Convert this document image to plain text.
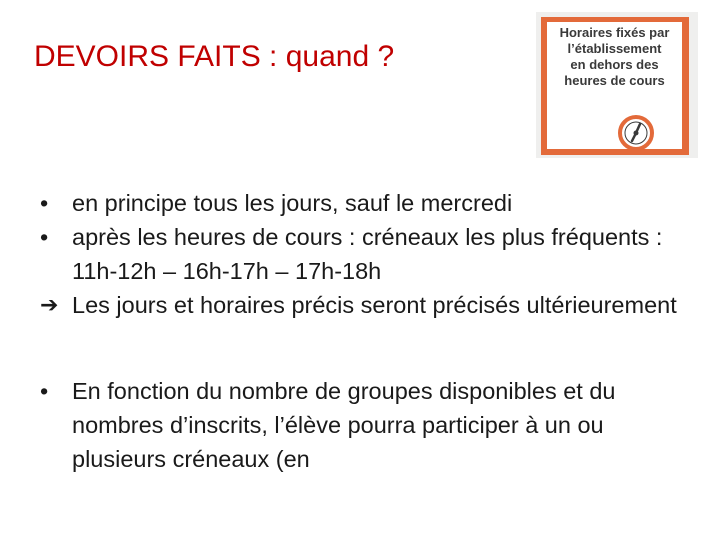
DEVOIRS FAITS : quand ?
Horaires fixés par
l’établissement
en dehors des
heures de cours
• en principe tous les jours, sauf le mercredi
• après les heures de cours : créneaux les plus fréquents : 11h-12h – 16h-17h – 17h-18h
➔ Les jours et horaires précis seront précisés ultérieurement
• En fonction du nombre de groupes disponibles et du nombres d’inscrits, l’élève pourra participer à un ou plusieurs créneaux (en
